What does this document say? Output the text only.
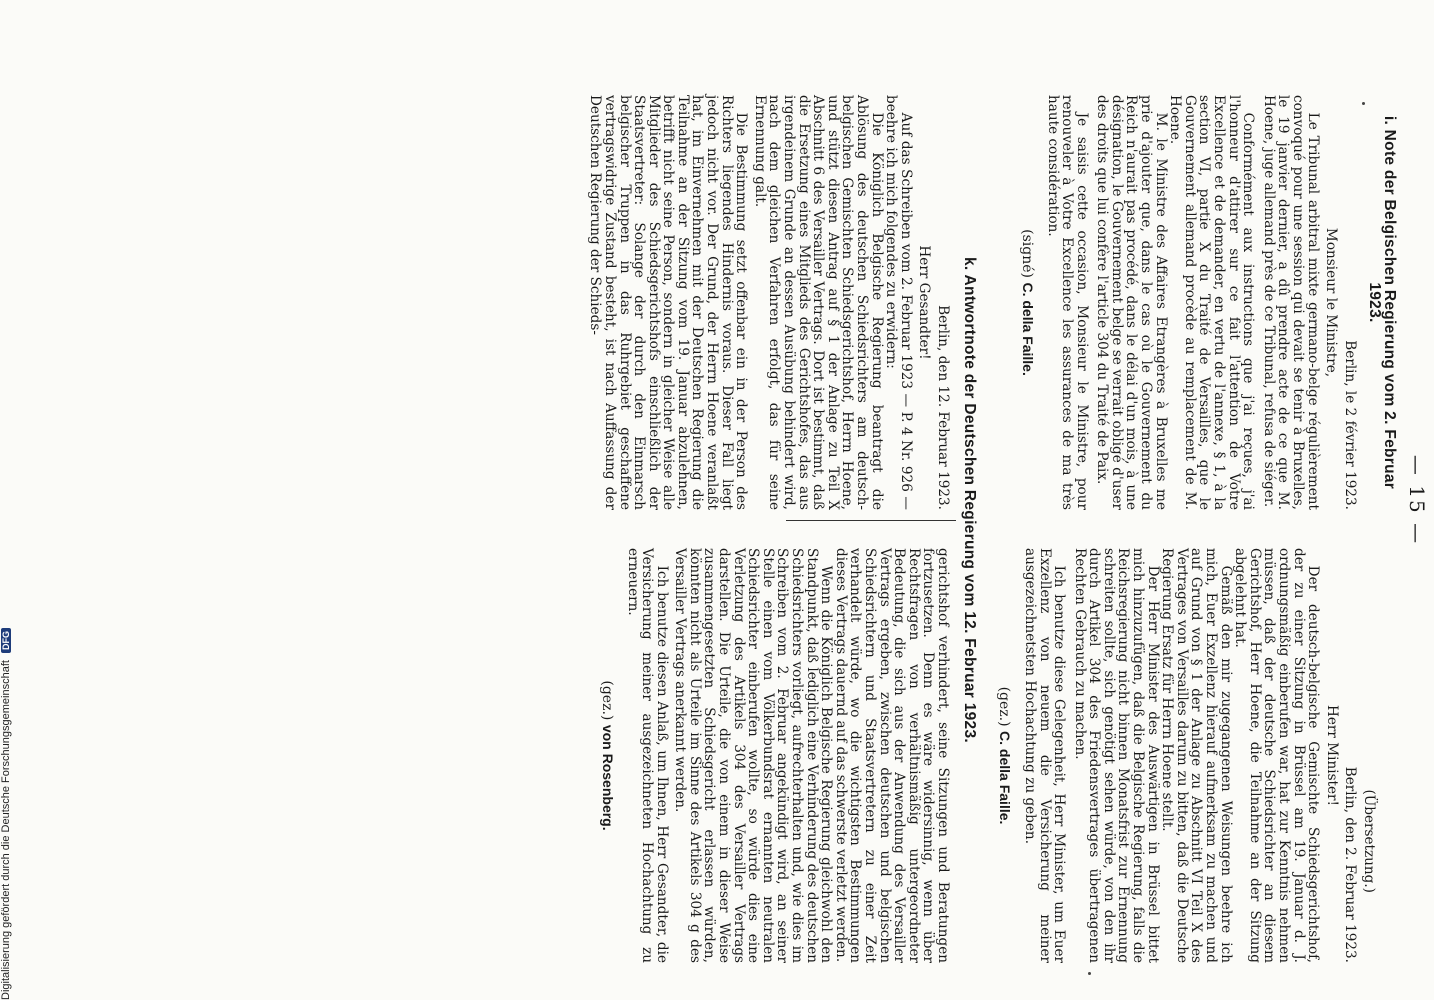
— 15 —
i. Note der Belgischen Regierung vom 2. Februar 1923.
Berlin, le 2 février 1923.
Monsieur le Ministre,

Le Tribunal arbitral mixte germano-belge régulièrement convoqué pour une session qui devait se tenir à Bruxelles, le 19 janvier dernier, a dû prendre acte de ce que M. Hoene, juge allemand près de ce Tribunal, refusa de siéger.

Conformément aux instructions que j'ai reçues, j'ai l'honneur d'attirer sur ce fait l'attention de Votre Excellence et de demander, en vertu de l'annexe, § 1, à la section VI, partie X du Traité de Versailles, que le Gouvernement allemand procède au remplacement de M. Hoene.

M. le Ministre des Affaires Etrangères à Bruxelles me prie d'ajouter que, dans le cas où le Gouvernement du Reich n'aurait pas procédé, dans le délai d'un mois, à une désignation, le Gouvernement belge se verrait obligé d'user des droits que lui confère l'article 304 du Traité de Paix.

Je saisis cette occasion, Monsieur le Ministre, pour renouveler à Votre Excellence les assurances de ma très haute considération.

(signé) C. della Faille.
k. Antwortnote der Deutschen Regierung vom 12. Februar 1923.
Berlin, den 12. Februar 1923.
Herr Gesandter!

Auf das Schreiben vom 2. Februar 1923 — P. 4 Nr. 926 — beehre ich mich folgendes zu erwidern:

Die Königlich Belgische Regierung beantragt die Ablösung des deutschen Schiedsrichters am deutsch-belgischen Gemischten Schiedsgerichtshof, Herrn Hoene, und stützt diesen Antrag auf § 1 der Anlage zu Teil X Abschnitt 6 des Versailler Vertrags. Dort ist bestimmt, daß die Ersetzung eines Mitglieds des Gerichtshofes, das aus irgendeinem Grunde an dessen Ausübung behindert wird, nach dem gleichen Verfahren erfolgt, das für seine Ernennung galt.

Die Bestimmung setzt offenbar ein in der Person des Richters liegendes Hindernis voraus. Dieser Fall liegt jedoch nicht vor. Der Grund, der Herrn Hoene veranlaßt hat, im Einvernehmen mit der Deutschen Regierung die Teilnahme an der Sitzung vom 19. Januar abzulehnen, betrifft nicht seine Person, sondern in gleicher Weise alle Mitglieder des Schiedsgerichtshofs einschließlich der Staatsvertreter: Solange der durch den Einmarsch belgischer Truppen in das Ruhrgebiet geschaffene vertragswidrige Zustand besteht, ist nach Auffassung der Deutschen Regierung der Schieds-

(Übersetzung.)
Berlin, den 2. Februar 1923.
Herr Minister!

Der deutsch-belgische Gemischte Schiedsgerichtshof, der zu einer Sitzung in Brüssel am 19. Januar d. J. ordnungsmäßig einberufen war, hat zur Kenntnis nehmen müssen, daß der deutsche Schiedsrichter an diesem Gerichtshof, Herr Hoene, die Teilnahme an der Sitzung abgelehnt hat.

Gemäß den mir zugegangenen Weisungen beehre ich mich, Euer Exzellenz hierauf aufmerksam zu machen und auf Grund von § 1 der Anlage zu Abschnitt VI Teil X des Vertrages von Versailles darum zu bitten, daß die Deutsche Regierung Ersatz für Herrn Hoene stellt.

Der Herr Minister des Auswärtigen in Brüssel bittet mich hinzuzufügen, daß die Belgische Regierung, falls die Reichsregierung nicht binnen Monatsfrist zur Ernennung schreiten sollte, sich genötigt sehen würde, von den ihr durch Artikel 304 des Friedensvertrages übertragenen Rechten Gebrauch zu machen.

Ich benutze diese Gelegenheit, Herr Minister, um Euer Exzellenz von neuem die Versicherung meiner ausgezeichnetsten Hochachtung zu geben.

(gez.) C. della Faille.

gerichtshof verhindert, seine Sitzungen und Beratungen fortzusetzen. Denn es wäre widersinnig, wenn über Rechtsfragen von verhältnismäßig untergeordneter Bedeutung, die sich aus der Anwendung des Versailler Vertrags ergeben, zwischen deutschen und belgischen Schiedsrichtern und Staatsvertretern zu einer Zeit verhandelt würde, wo die wichtigsten Bestimmungen dieses Vertrags dauernd auf das schwerste verletzt werden.

Wenn die Königlich Belgische Regierung gleichwohl den Standpunkt, daß lediglich eine Verhinderung des deutschen Schiedsrichters vorliegt, aufrechterhalten und, wie dies im Schreiben vom 2. Februar angekündigt wird, an seiner Stelle einen vom Völkerbundsrat ernannten neutralen Schiedsrichter einberufen wollte, so würde dies eine Verletzung des Artikels 304 des Versailler Vertrags darstellen. Die Urteile, die von einem in dieser Weise zusammengesetzten Schiedsgericht erlassen würden, könnten nicht als Urteile im Sinne des Artikels 304 g des Versailler Vertrags anerkannt werden.

Ich benutze diesen Anlaß, um Ihnen, Herr Gesandter, die Versicherung meiner ausgezeichneten Hochachtung zu erneuern.

(gez.) von Rosenberg.
Digitalisierung gefördert durch die Deutsche Forschungsgemeinschaft DFG
